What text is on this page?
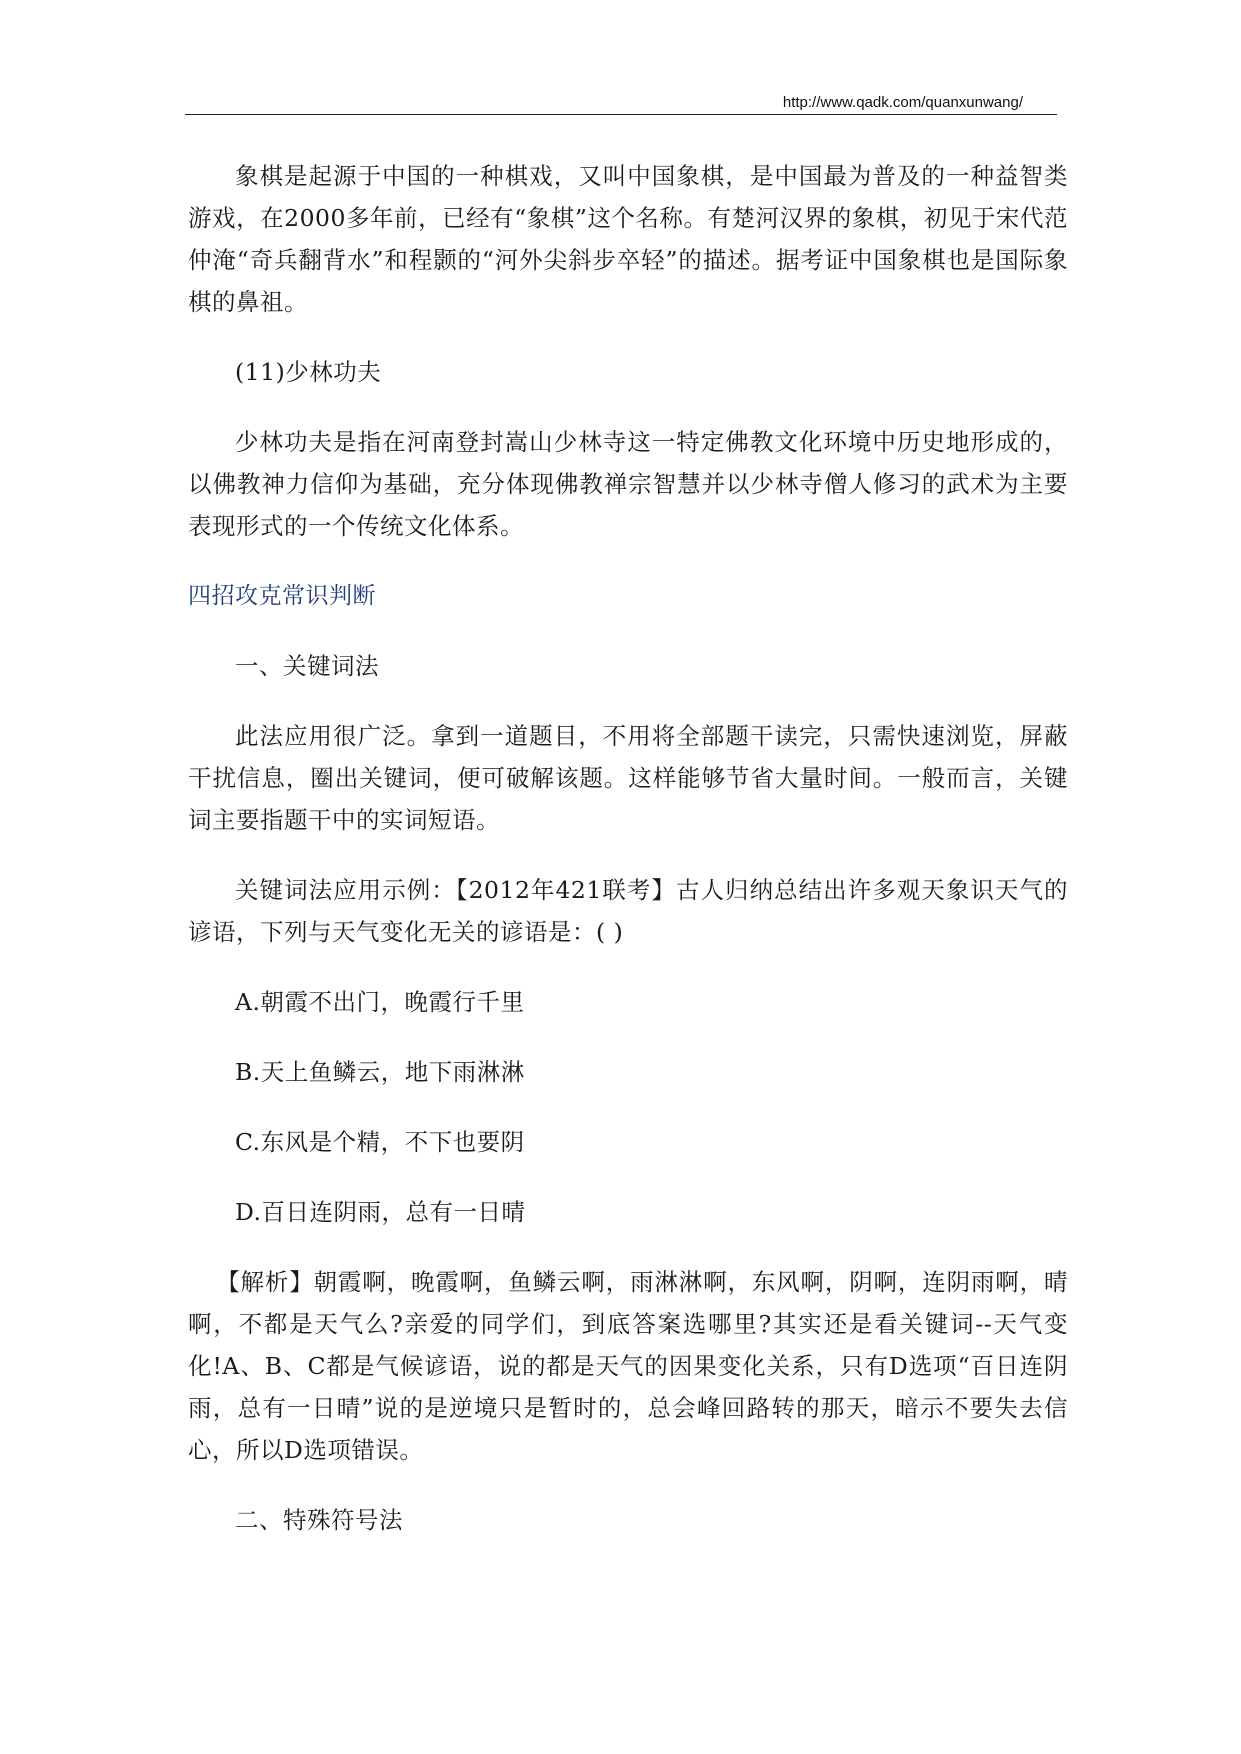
http://www.qadk.com/quanxunwang/

象棋是起源于中国的一种棋戏，又叫中国象棋，是中国最为普及的一种益智类游戏，在2000多年前，已经有“象棋”这个名称。有楚河汉界的象棋，初见于宋代范仲淹“奇兵翻背水”和程颢的“河外尖斜步卒轻”的描述。据考证中国象棋也是国际象棋的鼻祖。

(11)少林功夫

少林功夫是指在河南登封嵩山少林寺这一特定佛教文化环境中历史地形成的，以佛教神力信仰为基础，充分体现佛教禅宗智慧并以少林寺僧人修习的武术为主要表现形式的一个传统文化体系。

四招攻克常识判断

一、关键词法

此法应用很广泛。拿到一道题目，不用将全部题干读完，只需快速浏览，屏蔽干扰信息，圈出关键词，便可破解该题。这样能够节省大量时间。一般而言，关键词主要指题干中的实词短语。

关键词法应用示例：【2012年421联考】古人归纳总结出许多观天象识天气的谚语，下列与天气变化无关的谚语是：( )

A.朝霞不出门，晚霞行千里

B.天上鱼鳞云，地下雨淋淋

C.东风是个精，不下也要阴

D.百日连阴雨，总有一日晴

【解析】朝霞啊，晚霞啊，鱼鳞云啊，雨淋淋啊，东风啊，阴啊，连阴雨啊，晴啊，不都是天气么?亲爱的同学们，到底答案选哪里?其实还是看关键词--天气变化!A、B、C都是气候谚语，说的都是天气的因果变化关系，只有D选项“百日连阴雨，总有一日晴”说的是逆境只是暂时的，总会峰回路转的那天，暗示不要失去信心，所以D选项错误。

二、特殊符号法
